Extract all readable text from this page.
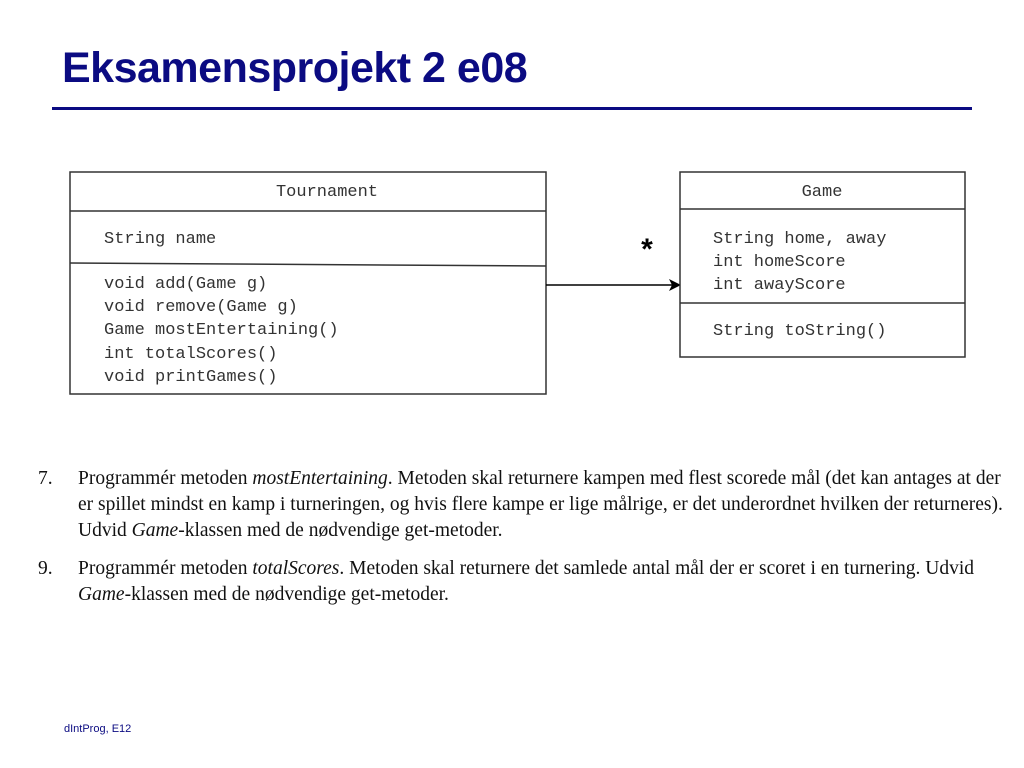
Eksamensprojekt 2 e08
Tournament
String name
void add(Game g)
void remove(Game g)
Game mostEntertaining()
int totalScores()
void printGames()
*
Game
String home, away
int homeScore
int awayScore
String toString()
7. Programmér metoden mostEntertaining. Metoden skal returnere kampen med flest scorede mål (det kan antages at der er spillet mindst en kamp i turneringen, og hvis flere kampe er lige målrige, er det underordnet hvilken der returneres). Udvid Game-klassen med de nødvendige get-metoder.
9. Programmér metoden totalScores. Metoden skal returnere det samlede antal mål der er scoret i en turnering. Udvid Game-klassen med de nødvendige get-metoder.
dIntProg, E12
